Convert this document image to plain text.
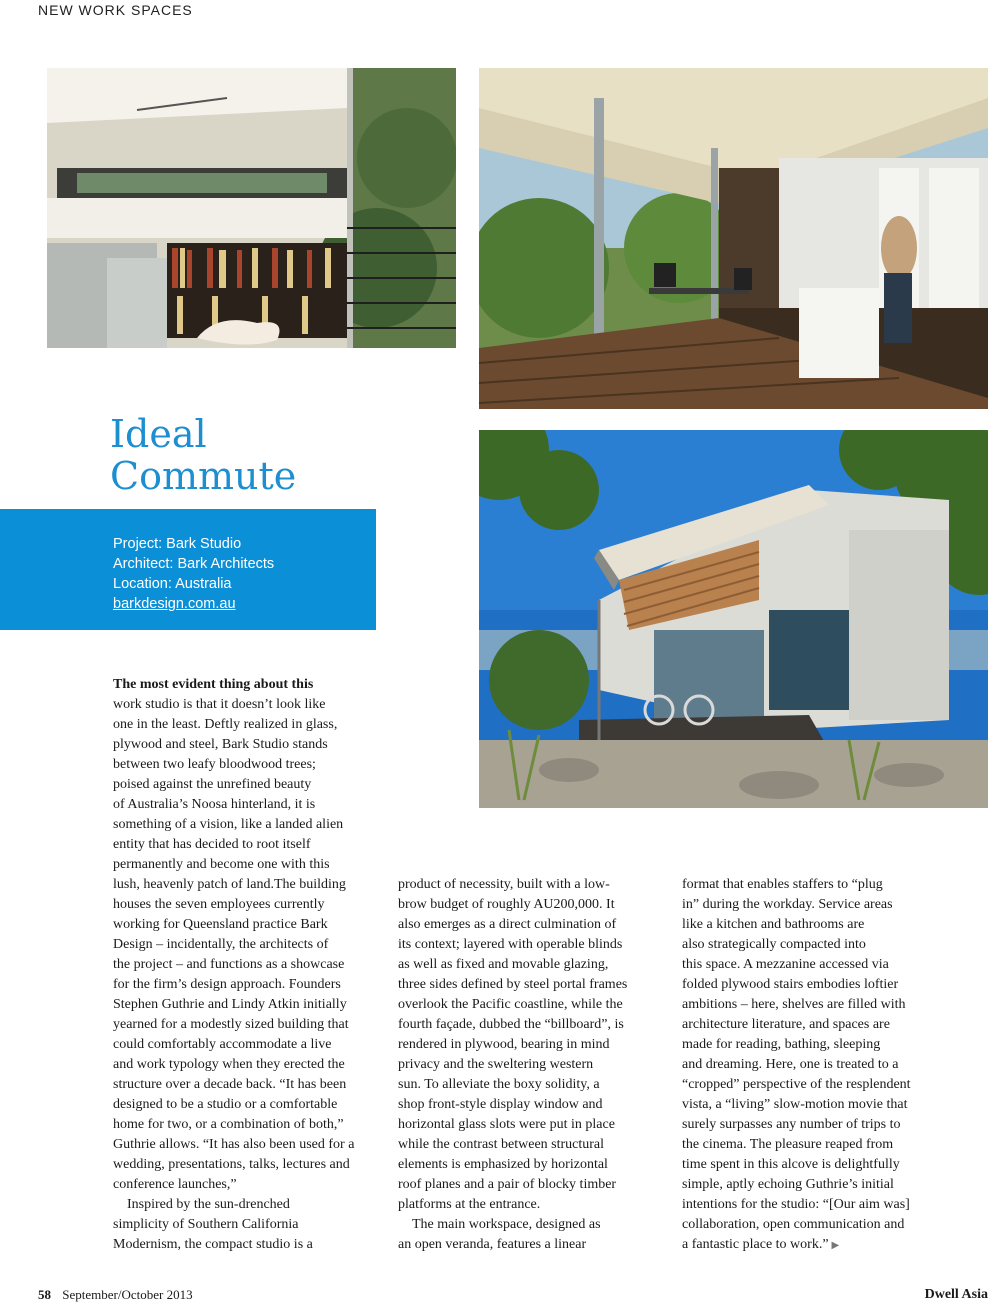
NEW WORK SPACES
Ideal
Commute
Project: Bark Studio
Architect: Bark Architects
Location: Australia
barkdesign.com.au
The most evident thing about this
work studio is that it doesn’t look like
one in the least. Deftly realized in glass,
plywood and steel, Bark Studio stands
between two leafy bloodwood trees;
poised against the unrefined beauty
of Australia’s Noosa hinterland, it is
something of a vision, like a landed alien
entity that has decided to root itself
permanently and become one with this
lush, heavenly patch of land.The building
houses the seven employees currently
working for Queensland practice Bark
Design – incidentally, the architects of
the project – and functions as a showcase
for the firm’s design approach. Founders
Stephen Guthrie and Lindy Atkin initially
yearned for a modestly sized building that
could comfortably accommodate a live
and work typology when they erected the
structure over a decade back. “It has been
designed to be a studio or a comfortable
home for two, or a combination of both,”
Guthrie allows. “It has also been used for a
wedding, presentations, talks, lectures and
conference launches,”
Inspired by the sun-drenched
simplicity of Southern California
Modernism, the compact studio is a
product of necessity, built with a low-
brow budget of roughly AU200,000. It
also emerges as a direct culmination of
its context; layered with operable blinds
as well as fixed and movable glazing,
three sides defined by steel portal frames
overlook the Pacific coastline, while the
fourth façade, dubbed the “billboard”, is
rendered in plywood, bearing in mind
privacy and the sweltering western
sun. To alleviate the boxy solidity, a
shop front-style display window and
horizontal glass slots were put in place
while the contrast between structural
elements is emphasized by horizontal
roof planes and a pair of blocky timber
platforms at the entrance.
The main workspace, designed as
an open veranda, features a linear
format that enables staffers to “plug
in” during the workday. Service areas
like a kitchen and bathrooms are
also strategically compacted into
this space. A mezzanine accessed via
folded plywood stairs embodies loftier
ambitions – here, shelves are filled with
architecture literature, and spaces are
made for reading, bathing, sleeping
and dreaming. Here, one is treated to a
“cropped” perspective of the resplendent
vista, a “living” slow-motion movie that
surely surpasses any number of trips to
the cinema. The pleasure reaped from
time spent in this alcove is delightfully
simple, aptly echoing Guthrie’s initial
intentions for the studio: “[Our aim was]
collaboration, open communication and
a fantastic place to work.” ▶
58 September/October 2013	Dwell Asia
